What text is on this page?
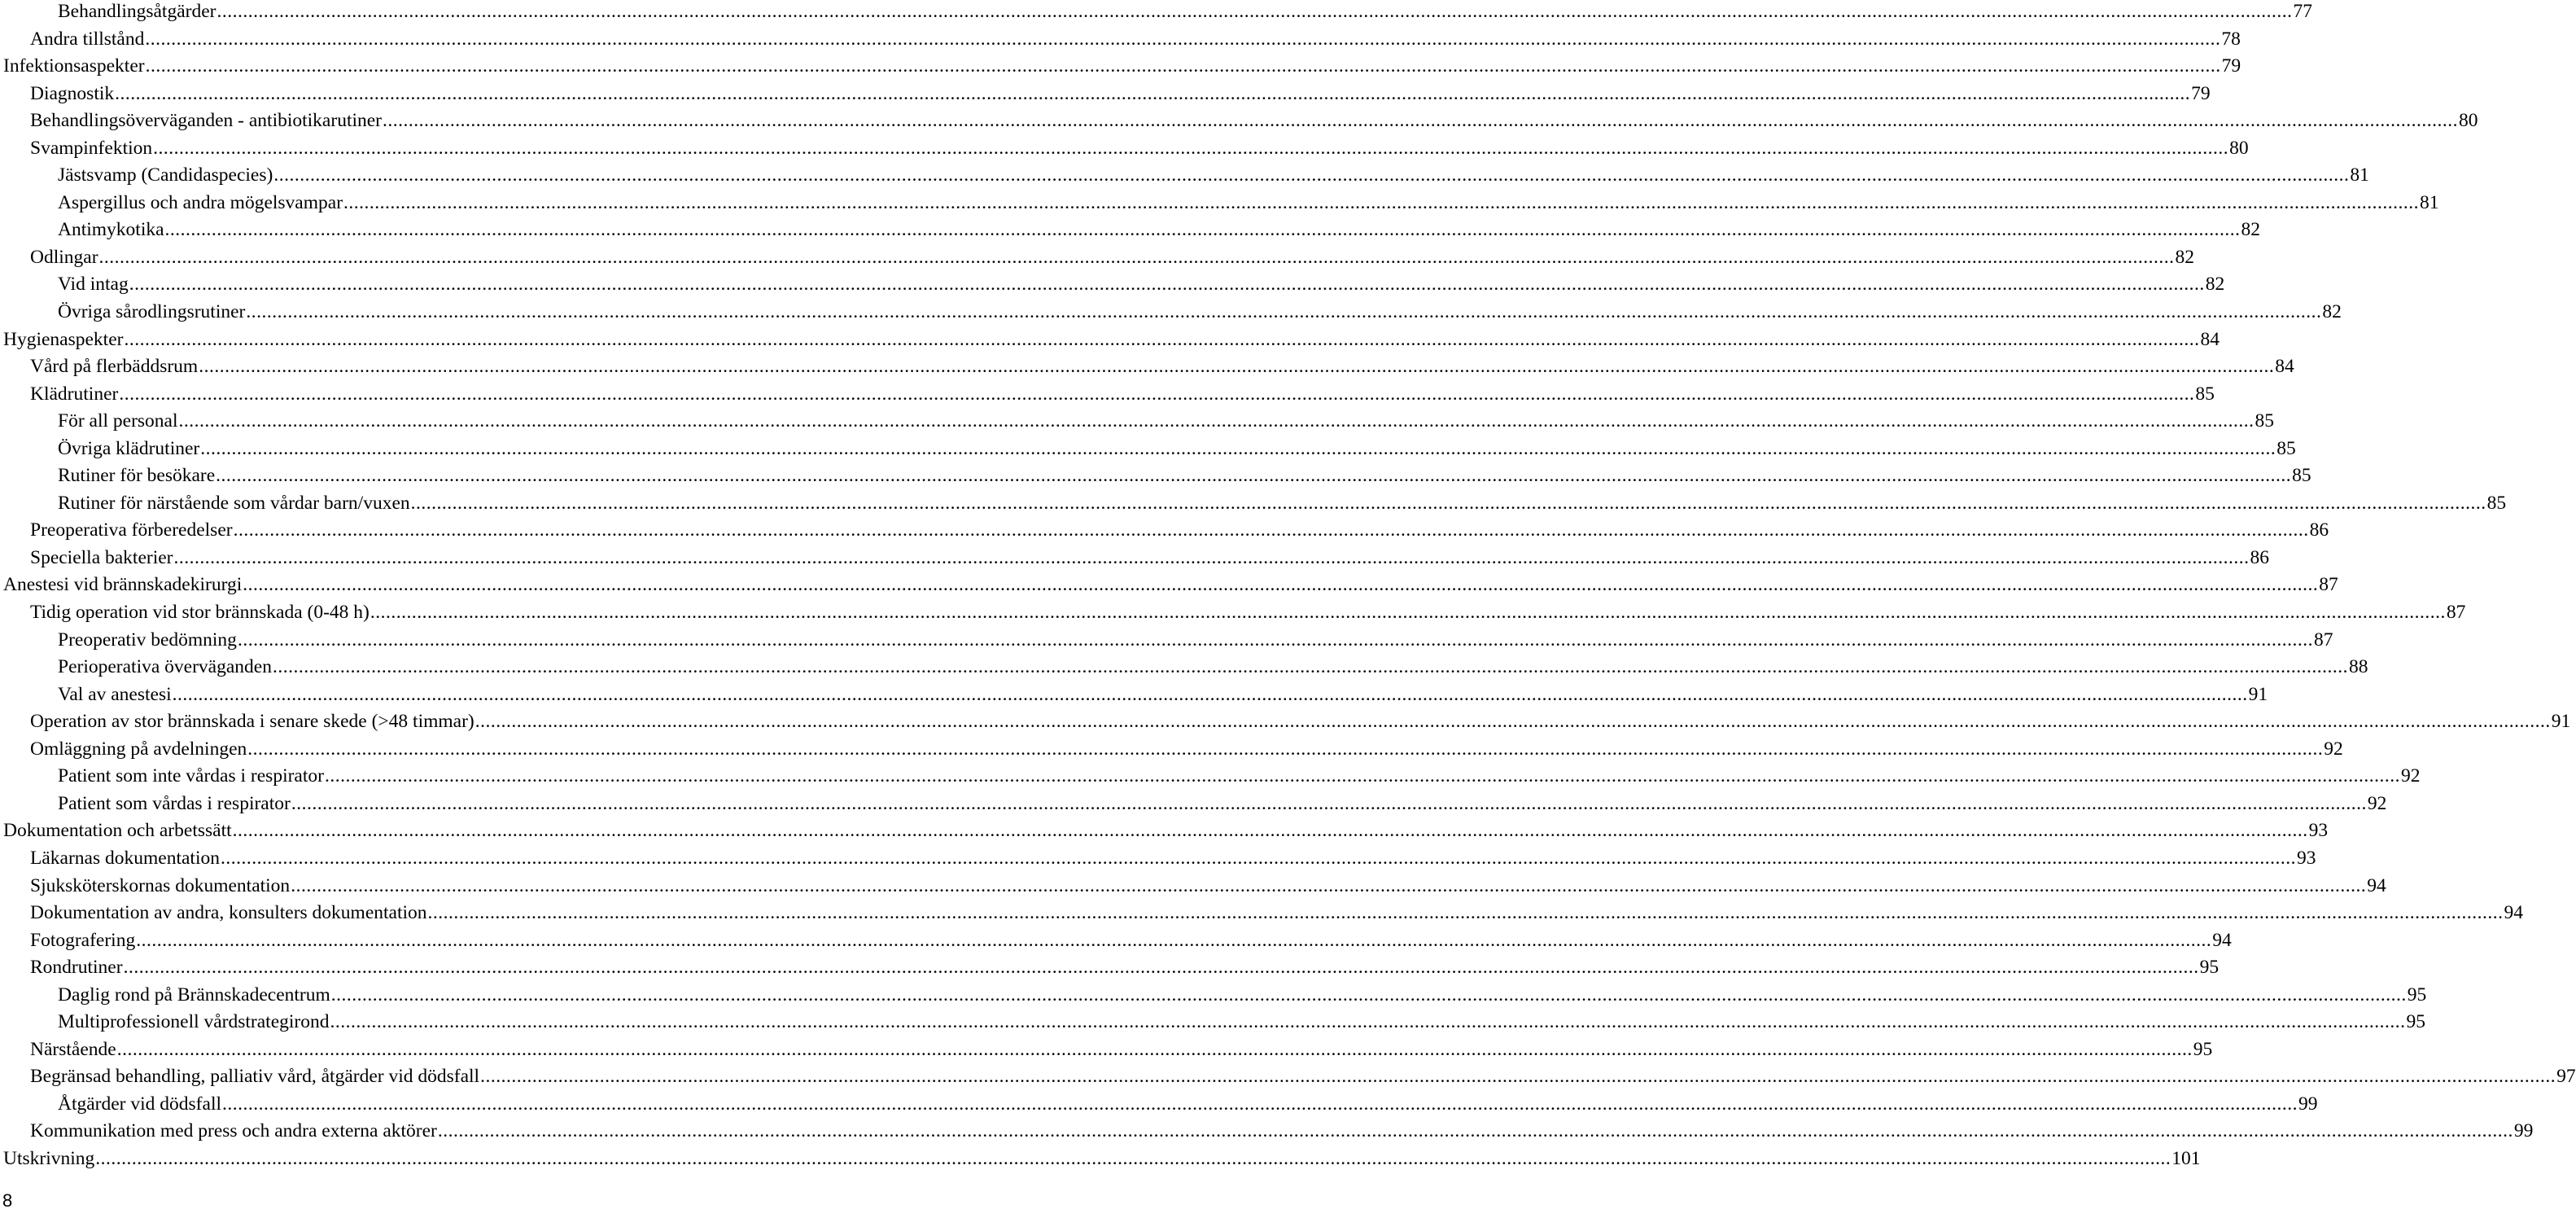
Behandlingsåtgärder ................................................................................................................................................................................................................................................................................................................................................................................................................ 77
Andra tillstånd ................................................................................................................................................................................................................................................................................................................................................................................................................ 78
Infektionsaspekter ................................................................................................................................................................................................................................................................................................................................................................................................................ 79
Diagnostik ................................................................................................................................................................................................................................................................................................................................................................................................................ 79
Behandlingsöverväganden - antibiotikarutiner ................................................................................................................................................................................................................................................................................................................................................................................................................ 80
Svampinfektion ................................................................................................................................................................................................................................................................................................................................................................................................................ 80
Jästsvamp (Candidaspecies) ................................................................................................................................................................................................................................................................................................................................................................................................................ 81
Aspergillus och andra mögelsvampar ................................................................................................................................................................................................................................................................................................................................................................................................................ 81
Antimykotika ................................................................................................................................................................................................................................................................................................................................................................................................................ 82
Odlingar ................................................................................................................................................................................................................................................................................................................................................................................................................ 82
Vid intag ................................................................................................................................................................................................................................................................................................................................................................................................................ 82
Övriga sårodlingsrutiner ................................................................................................................................................................................................................................................................................................................................................................................................................ 82
Hygienaspekter ................................................................................................................................................................................................................................................................................................................................................................................................................ 84
Vård på flerbäddsrum ................................................................................................................................................................................................................................................................................................................................................................................................................ 84
Klädrutiner ................................................................................................................................................................................................................................................................................................................................................................................................................ 85
För all personal ................................................................................................................................................................................................................................................................................................................................................................................................................ 85
Övriga klädrutiner ................................................................................................................................................................................................................................................................................................................................................................................................................ 85
Rutiner för besökare ................................................................................................................................................................................................................................................................................................................................................................................................................ 85
Rutiner för närstående som vårdar barn/vuxen ................................................................................................................................................................................................................................................................................................................................................................................................................ 85
Preoperativa förberedelser ................................................................................................................................................................................................................................................................................................................................................................................................................ 86
Speciella bakterier ................................................................................................................................................................................................................................................................................................................................................................................................................ 86
Anestesi vid brännskadekirurgi ................................................................................................................................................................................................................................................................................................................................................................................................................ 87
Tidig operation vid stor brännskada (0-48 h) ................................................................................................................................................................................................................................................................................................................................................................................................................ 87
Preoperativ bedömning ................................................................................................................................................................................................................................................................................................................................................................................................................ 87
Perioperativa överväganden ................................................................................................................................................................................................................................................................................................................................................................................................................ 88
Val av anestesi ................................................................................................................................................................................................................................................................................................................................................................................................................ 91
Operation av stor brännskada i senare skede (>48 timmar) ................................................................................................................................................................................................................................................................................................................................................................................................................ 91
Omläggning på avdelningen ................................................................................................................................................................................................................................................................................................................................................................................................................ 92
Patient som inte vårdas i respirator ................................................................................................................................................................................................................................................................................................................................................................................................................ 92
Patient som vårdas i respirator ................................................................................................................................................................................................................................................................................................................................................................................................................ 92
Dokumentation och arbetssätt ................................................................................................................................................................................................................................................................................................................................................................................................................ 93
Läkarnas dokumentation ................................................................................................................................................................................................................................................................................................................................................................................................................ 93
Sjuksköterskornas dokumentation ................................................................................................................................................................................................................................................................................................................................................................................................................ 94
Dokumentation av andra, konsulters dokumentation ................................................................................................................................................................................................................................................................................................................................................................................................................ 94
Fotografering ................................................................................................................................................................................................................................................................................................................................................................................................................ 94
Rondrutiner ................................................................................................................................................................................................................................................................................................................................................................................................................ 95
Daglig rond på Brännskadecentrum ................................................................................................................................................................................................................................................................................................................................................................................................................ 95
Multiprofessionell vårdstrategirond ................................................................................................................................................................................................................................................................................................................................................................................................................ 95
Närstående ................................................................................................................................................................................................................................................................................................................................................................................................................ 95
Begränsad behandling, palliativ vård, åtgärder vid dödsfall ................................................................................................................................................................................................................................................................................................................................................................................................................ 97
Åtgärder vid dödsfall ................................................................................................................................................................................................................................................................................................................................................................................................................ 99
Kommunikation med press och andra externa aktörer ................................................................................................................................................................................................................................................................................................................................................................................................................ 99
Utskrivning ................................................................................................................................................................................................................................................................................................................................................................................................................ 101
8
